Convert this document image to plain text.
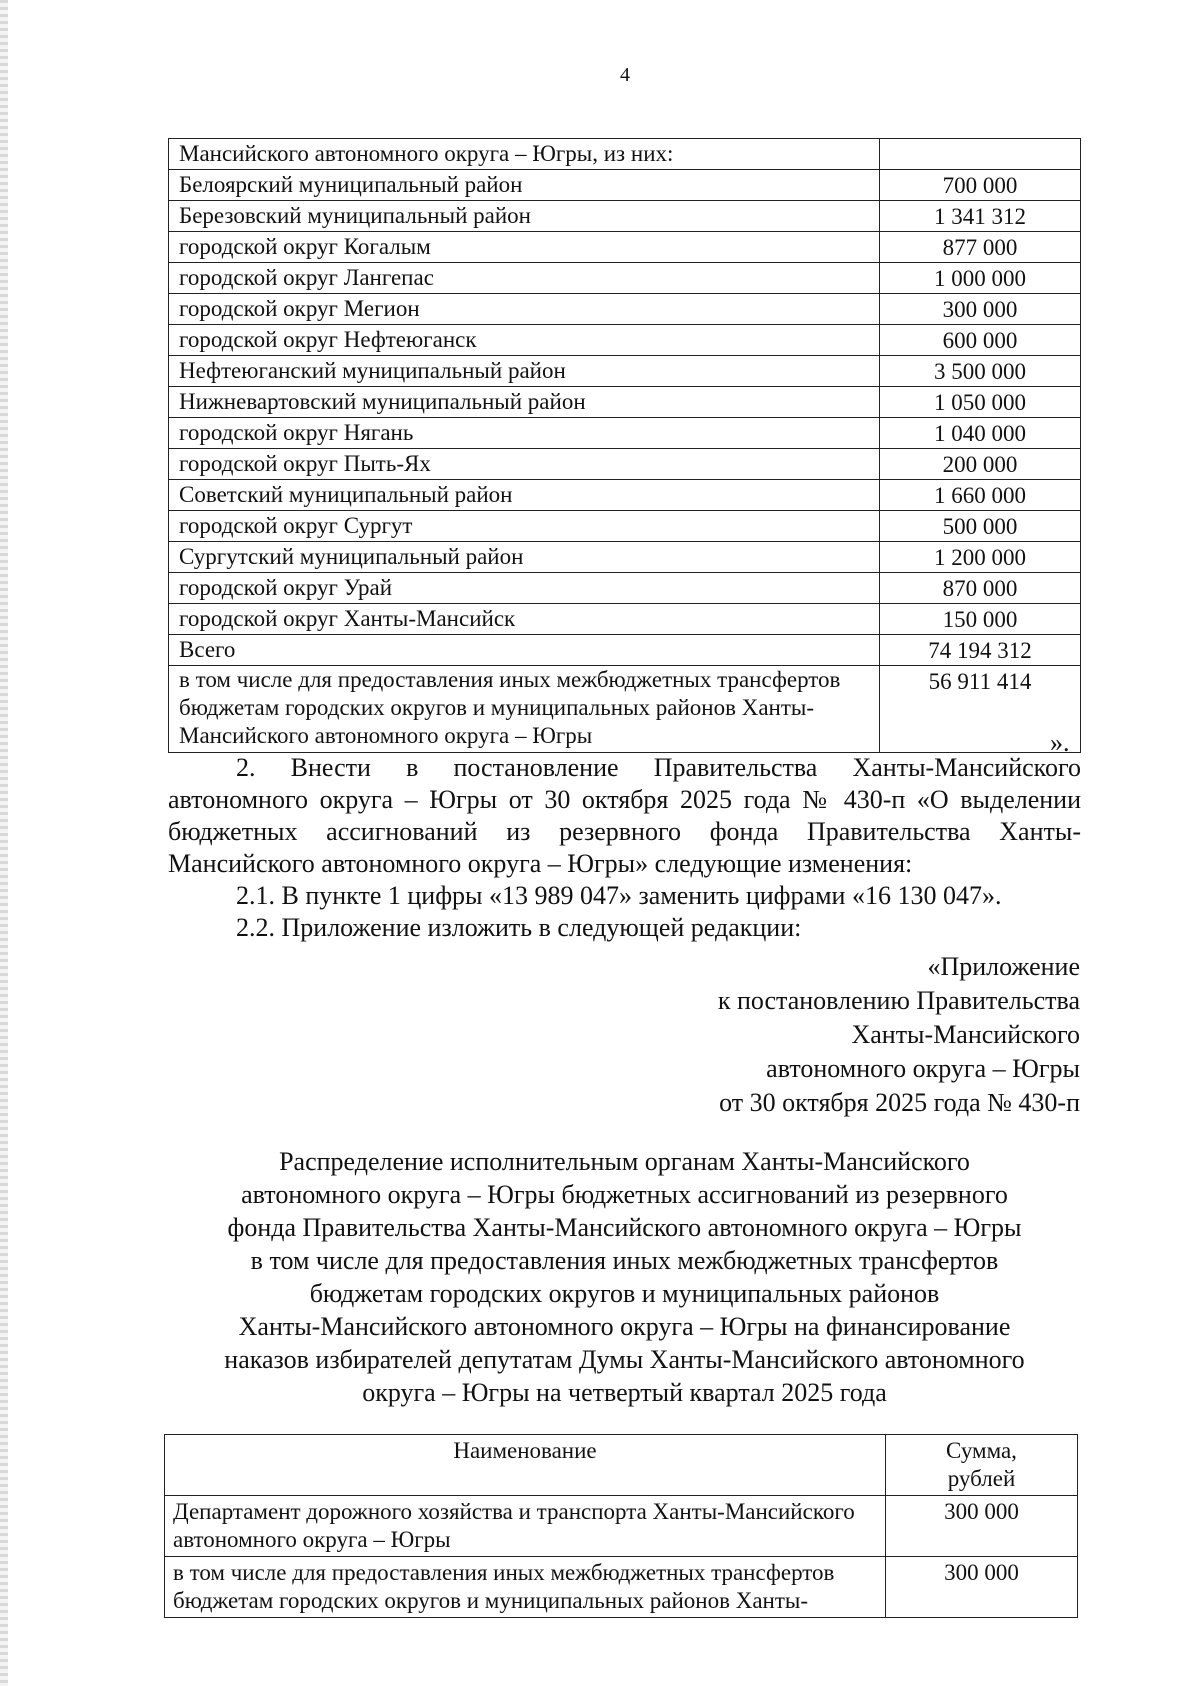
4
Мансийского автономного округа – Югры, из них:	
Белоярский муниципальный район	700 000
Березовский муниципальный район	1 341 312
городской округ Когалым	877 000
городской округ Лангепас	1 000 000
городской округ Мегион	300 000
городской округ Нефтеюганск	600 000
Нефтеюганский муниципальный район	3 500 000
Нижневартовский муниципальный район	1 050 000
городской округ Нягань	1 040 000
городской округ Пыть-Ях	200 000
Советский муниципальный район	1 660 000
городской округ Сургут	500 000
Сургутский муниципальный район	1 200 000
городской округ Урай	870 000
городской округ Ханты-Мансийск	150 000
Всего	74 194 312
в том числе для предоставления иных межбюджетных трансфертов бюджетам городских округов и муниципальных районов Ханты-Мансийского автономного округа – Югры	56 911 414
».

2. Внести в постановление Правительства Ханты-Мансийского автономного округа – Югры от 30 октября 2025 года № 430-п «О выделении бюджетных ассигнований из резервного фонда Правительства Ханты-Мансийского автономного округа – Югры» следующие изменения:

2.1. В пункте 1 цифры «13 989 047» заменить цифрами «16 130 047».

2.2. Приложение изложить в следующей редакции:

«Приложение
к постановлению Правительства
Ханты-Мансийского
автономного округа – Югры
от 30 октября 2025 года № 430-п
Распределение исполнительным органам Ханты-Мансийского
автономного округа – Югры бюджетных ассигнований из резервного
фонда Правительства Ханты-Мансийского автономного округа – Югры
в том числе для предоставления иных межбюджетных трансфертов
бюджетам городских округов и муниципальных районов
Ханты-Мансийского автономного округа – Югры на финансирование
наказов избирателей депутатам Думы Ханты-Мансийского автономного
округа – Югры на четвертый квартал 2025 года
Наименование	Сумма,
рублей
Департамент дорожного хозяйства и транспорта Ханты-Мансийского автономного округа – Югры	300 000

в том числе для предоставления иных межбюджетных трансфертов бюджетам городских округов и муниципальных районов Ханты-	300 000
